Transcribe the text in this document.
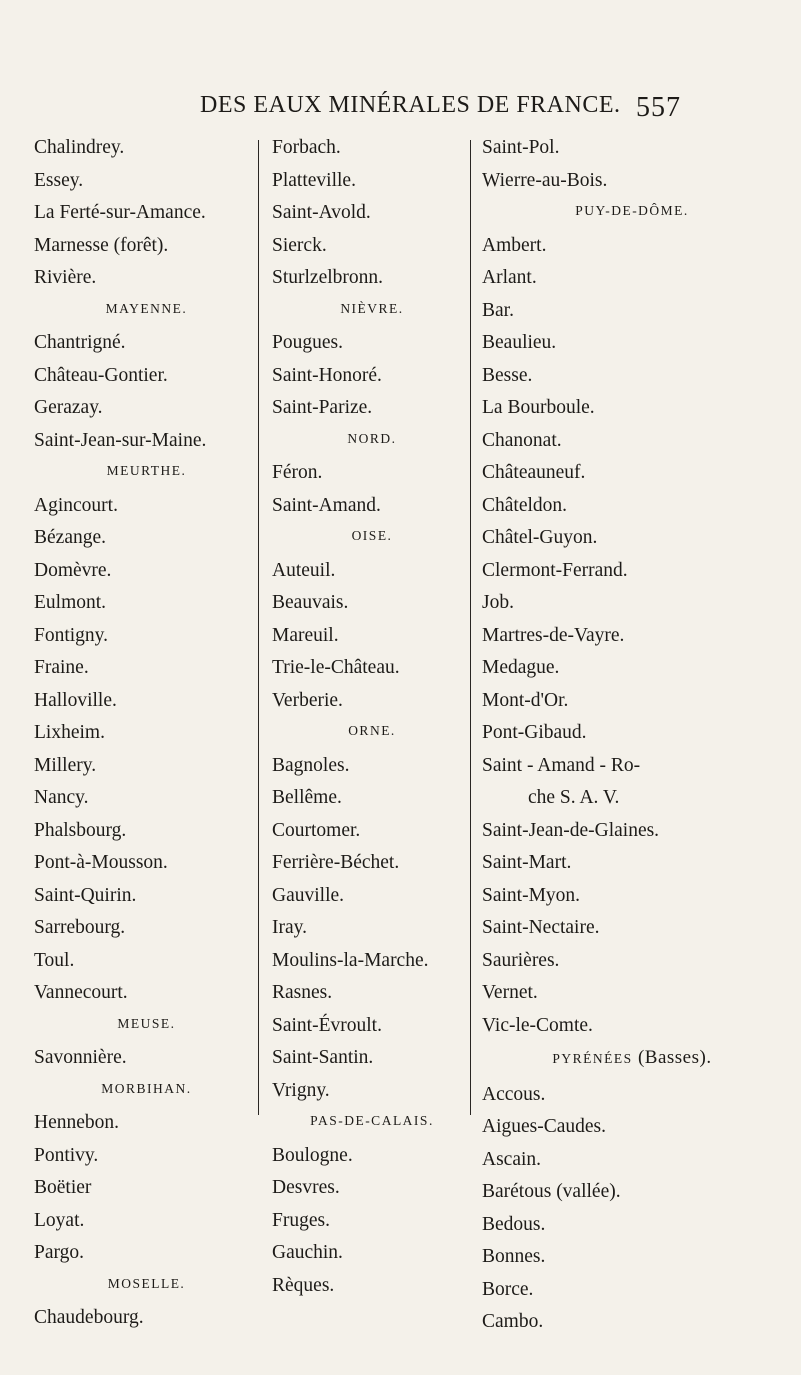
DES EAUX MINÉRALES DE FRANCE. 557
Chalindrey.
Essey.
La Ferté-sur-Amance.
Marnesse (forêt).
Rivière.
MAYENNE.
Chantrigné.
Château-Gontier.
Gerazay.
Saint-Jean-sur-Maine.
MEURTHE.
Agincourt.
Bézange.
Domèvre.
Eulmont.
Fontigny.
Fraine.
Halloville.
Lixheim.
Millery.
Nancy.
Phalsbourg.
Pont-à-Mousson.
Saint-Quirin.
Sarrebourg.
Toul.
Vannecourt.
MEUSE.
Savonnière.
MORBIHAN.
Hennebon.
Pontivy.
Boëtier
Loyat.
Pargo.
MOSELLE.
Chaudebourg.
Forbach.
Platteville.
Saint-Avold.
Sierck.
Sturlzelbronn.
NIÈVRE.
Pougues.
Saint-Honoré.
Saint-Parize.
NORD.
Féron.
Saint-Amand.
OISE.
Auteuil.
Beauvais.
Mareuil.
Trie-le-Château.
Verberie.
ORNE.
Bagnoles.
Bellême.
Courtomer.
Ferrière-Béchet.
Gauville.
Iray.
Moulins-la-Marche.
Rasnes.
Saint-Évroult.
Saint-Santin.
Vrigny.
PAS-DE-CALAIS.
Boulogne.
Desvres.
Fruges.
Gauchin.
Rèques.
Saint-Pol.
Wierre-au-Bois.
PUY-DE-DÔME.
Ambert.
Arlant.
Bar.
Beaulieu.
Besse.
La Bourboule.
Chanonat.
Châteauneuf.
Châteldon.
Châtel-Guyon.
Clermont-Ferrand.
Job.
Martres-de-Vayre.
Medague.
Mont-d'Or.
Pont-Gibaud.
Saint - Amand - Ro-
che S. A. V.
Saint-Jean-de-Glaines.
Saint-Mart.
Saint-Myon.
Saint-Nectaire.
Saurières.
Vernet.
Vic-le-Comte.
PYRÉNÉES (Basses).
Accous.
Aigues-Caudes.
Ascain.
Barétous (vallée).
Bedous.
Bonnes.
Borce.
Cambo.
